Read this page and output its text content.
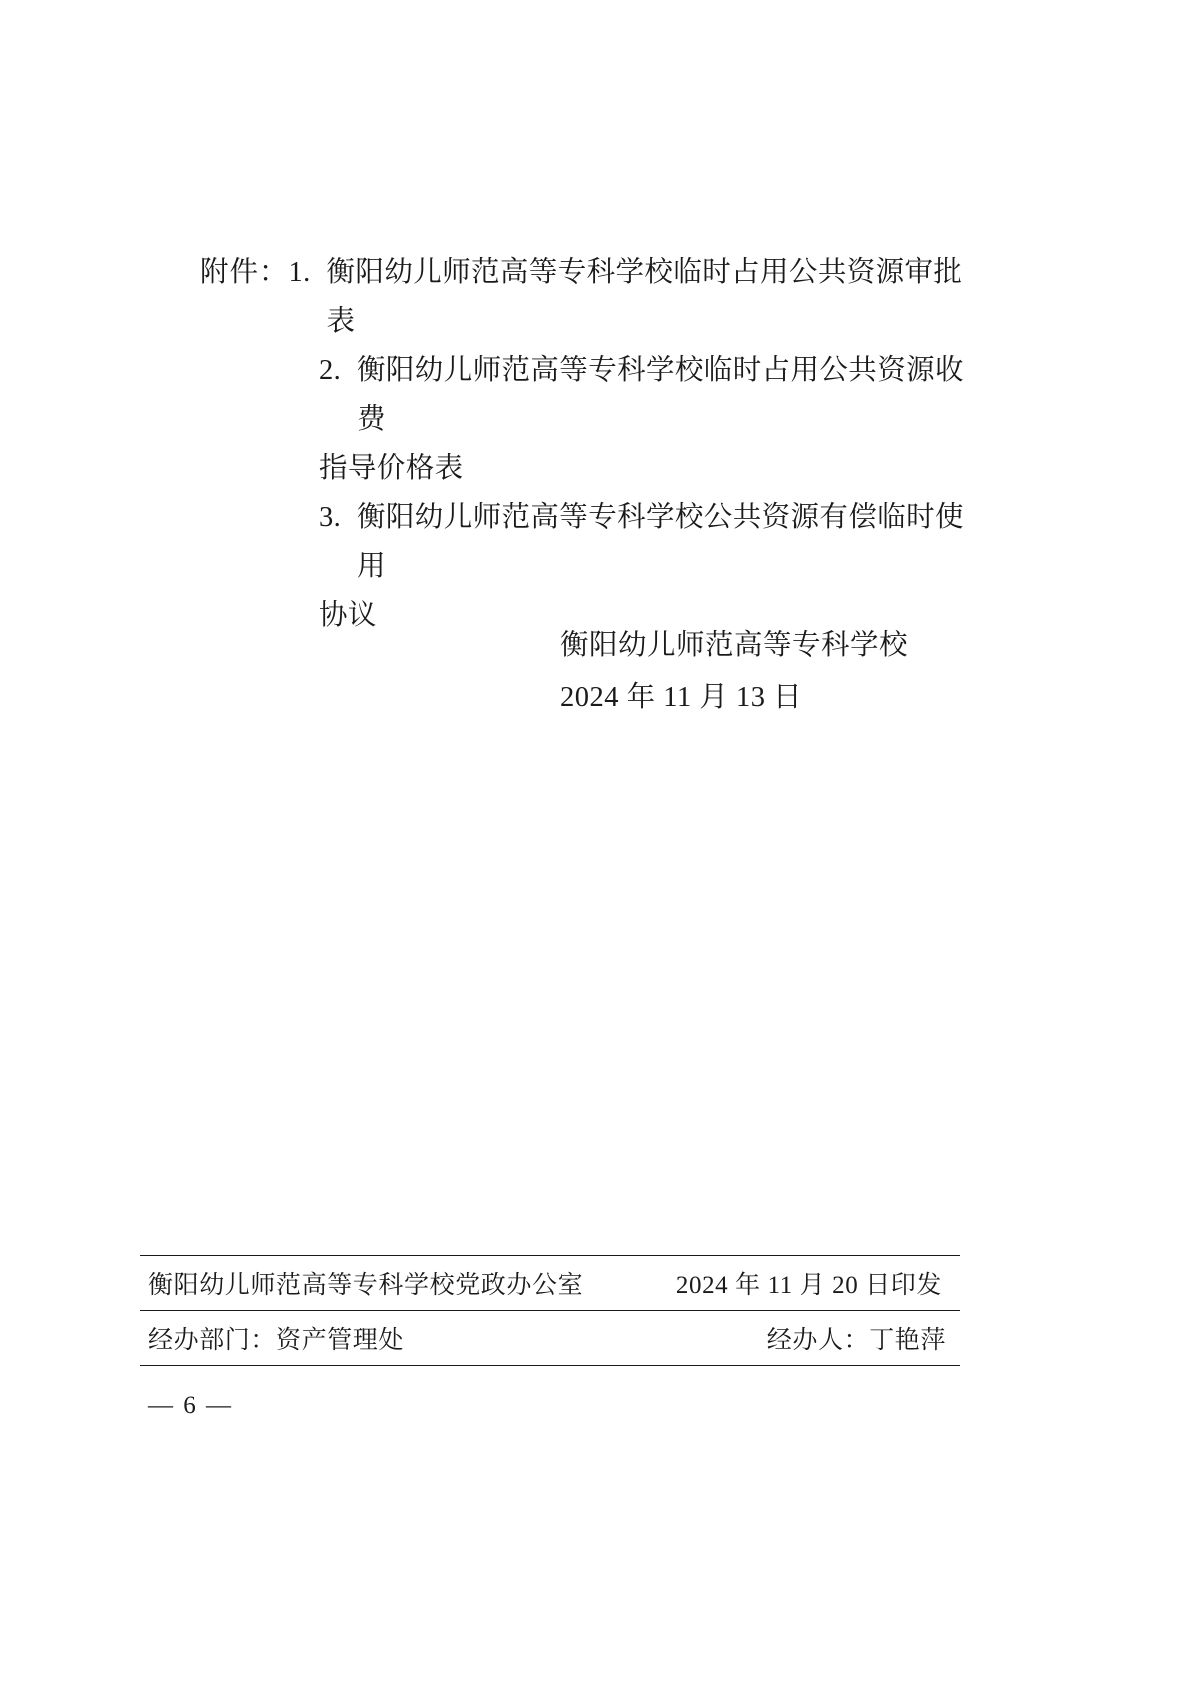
附件： 1. 衡阳幼儿师范高等专科学校临时占用公共资源审批表
2. 衡阳幼儿师范高等专科学校临时占用公共资源收费
指导价格表
3. 衡阳幼儿师范高等专科学校公共资源有偿临时使用
协议
衡阳幼儿师范高等专科学校
2024 年 11 月 13 日
衡阳幼儿师范高等专科学校党政办公室	2024 年 11 月 20 日印发
经办部门：资产管理处	经办人：丁艳萍
— 6 —
